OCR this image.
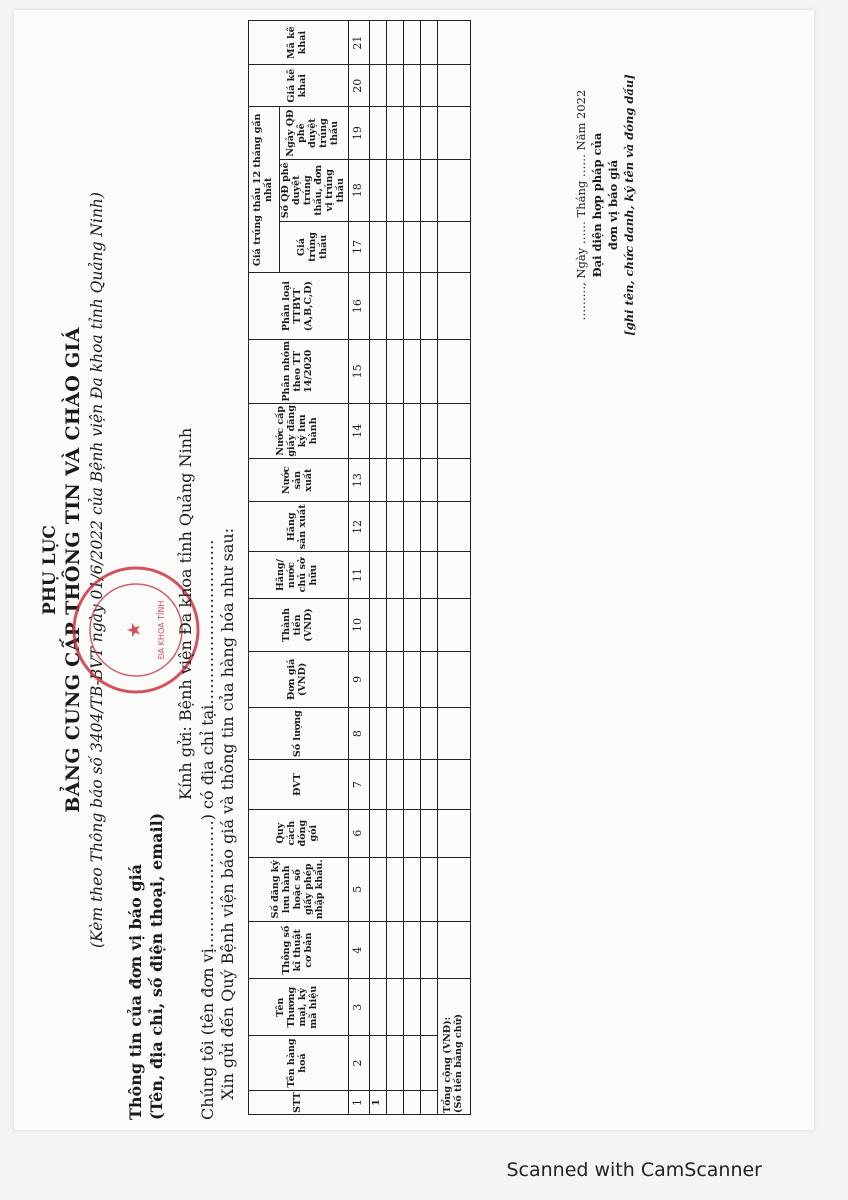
PHỤ LỤC BẢNG CUNG CẤP THÔNG TIN VÀ CHÀO GIÁ (Kèm theo Thông báo số 3404/TB-BVT ngày 01/6/2022 của Bệnh viện Đa khoa tỉnh Quảng Ninh) ★ ĐA KHOA TỈNH
Thông tin của đơn vị báo giá (Tên, địa chỉ, số điện thoại, email)
Kính gửi: Bệnh viện Đa khoa tỉnh Quảng Ninh Chúng tôi (tên đơn vị……………………) có địa chỉ tại…………………………. Xin gửi đến Quý Bệnh viện báo giá và thông tin của hàng hóa như sau:
STT	Tên hàng hoá	Tên Thương mại, ký mã hiệu	Thông số kĩ thuật cơ bản	Số đăng ký lưu hành hoặc số giấy phép nhập khẩu.	Quy cách đóng gói	ĐVT	Số lượng	Đơn giá (VND)	Thành tiền (VND)	Hãng/ nước chủ sở hữu	Hãng sản xuất	Nước sản xuất	Nước cấp giấy đăng ký lưu hành	Phân nhóm theo TT 14/2020	Phân loại TTBYT (A,B,C,D)	Giá trúng thầu 12 tháng gần nhất			Giá kê khai	Mã kê khai
																Giá trúng thầu	Số QĐ phê duyệt trúng thầu, đơn vị trúng thầu	Ngày QĐ phê duyệt trúng thầu		
1	2	3	4	5	6	7	8	9	10	11	12	13	14	15	16	17	18	19	20	21
1																				

Tổng cộng (VNĐ): (Số tiền bằng chữ)																				

………, Ngày …… Tháng …… Năm 2022 Đại diện hợp pháp của đơn vị báo giá [ghi tên, chức danh, ký tên và đóng dấu]
Scanned with CamScanner
